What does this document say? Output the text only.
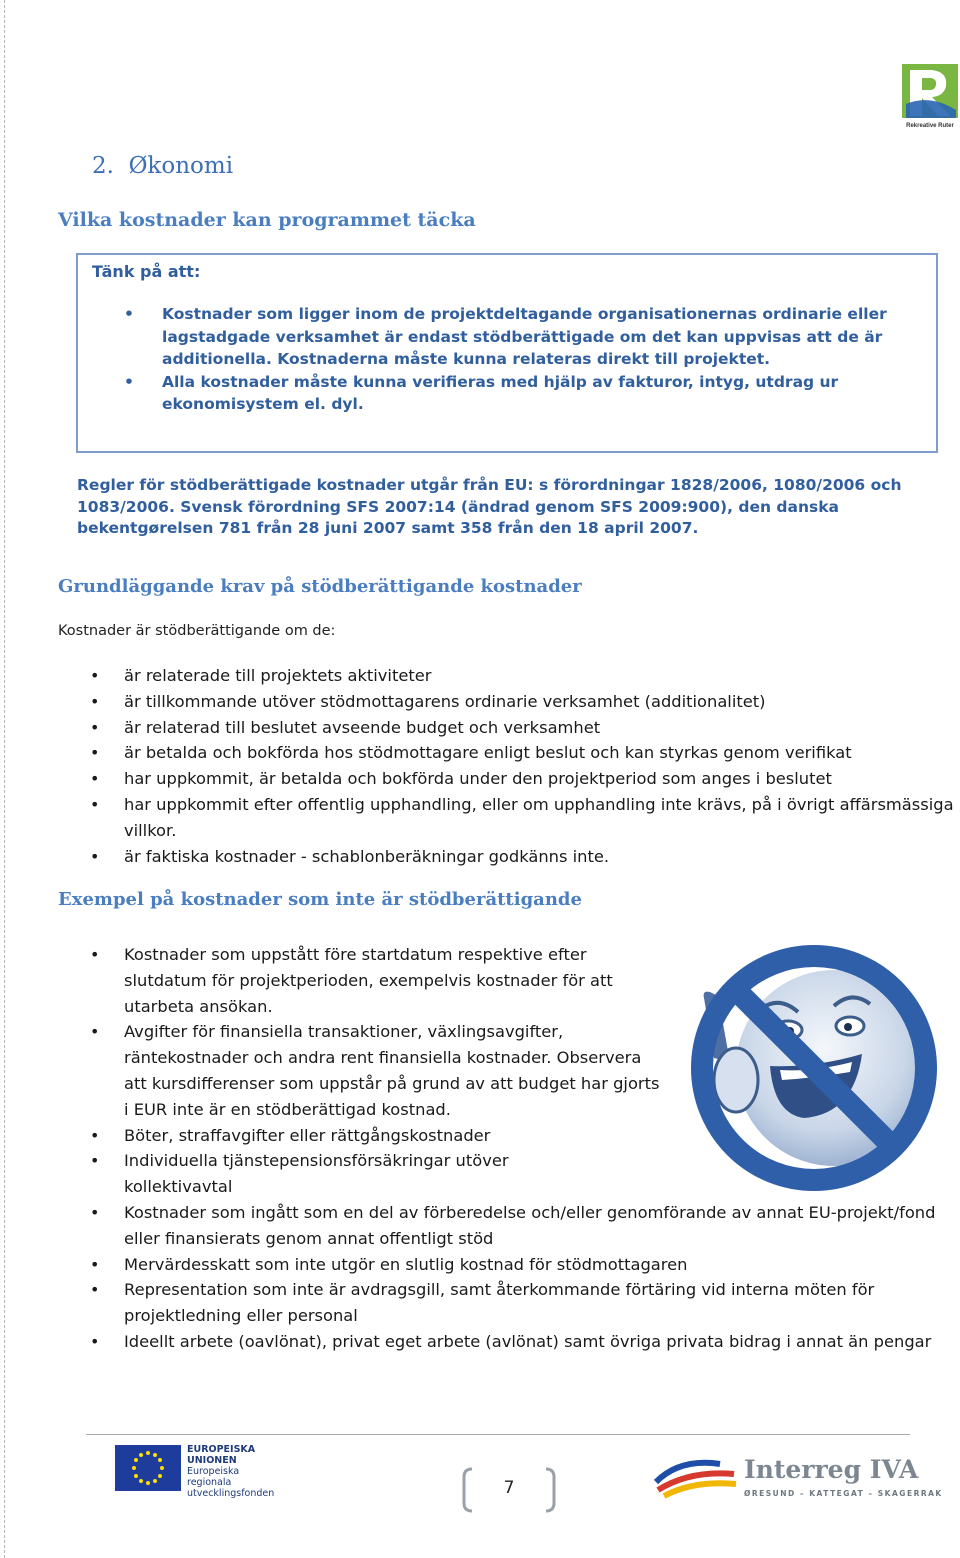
Rekreative Ruter
2. Økonomi
Vilka kostnader kan programmet täcka
Tänk på att:
• Kostnader som ligger inom de projektdeltagande organisationernas ordinarie eller lagstadgade verksamhet är endast stödberättigade om det kan uppvisas att de är additionella. Kostnaderna måste kunna relateras direkt till projektet.
• Alla kostnader måste kunna verifieras med hjälp av fakturor, intyg, utdrag ur ekonomisystem el. dyl.
Regler för stödberättigade kostnader utgår från EU: s förordningar 1828/2006, 1080/2006 och 1083/2006. Svensk förordning SFS 2007:14 (ändrad genom SFS 2009:900), den danska bekentgørelsen 781 från 28 juni 2007 samt 358 från den 18 april 2007.
Grundläggande krav på stödberättigande kostnader
Kostnader är stödberättigande om de:
• är relaterade till projektets aktiviteter
• är tillkommande utöver stödmottagarens ordinarie verksamhet (additionalitet)
• är relaterad till beslutet avseende budget och verksamhet
• är betalda och bokförda hos stödmottagare enligt beslut och kan styrkas genom verifikat
• har uppkommit, är betalda och bokförda under den projektperiod som anges i beslutet
• har uppkommit efter offentlig upphandling, eller om upphandling inte krävs, på i övrigt affärsmässiga villkor.
• är faktiska kostnader - schablonberäkningar godkänns inte.
Exempel på kostnader som inte är stödberättigande
• Kostnader som uppstått före startdatum respektive efter slutdatum för projektperioden, exempelvis kostnader för att utarbeta ansökan.
• Avgifter för finansiella transaktioner, växlingsavgifter, räntekostnader och andra rent finansiella kostnader. Observera att kursdifferenser som uppstår på grund av att budget har gjorts i EUR inte är en stödberättigad kostnad.
• Böter, straffavgifter eller rättgångskostnader
• Individuella tjänstepensionsförsäkringar utöver kollektivavtal
• Kostnader som ingått som en del av förberedelse och/eller genomförande av annat EU-projekt/fond eller finansierats genom annat offentligt stöd
• Mervärdesskatt som inte utgör en slutlig kostnad för stödmottagaren
• Representation som inte är avdragsgill, samt återkommande förtäring vid interna möten för projektledning eller personal
• Ideellt arbete (oavlönat), privat eget arbete (avlönat) samt övriga privata bidrag i annat än pengar
EUROPEISKA
UNIONEN
Europeiska
regionala
utvecklingsfonden	7
Interreg IVA
ØRESUND – KATTEGAT – SKAGERRAK
